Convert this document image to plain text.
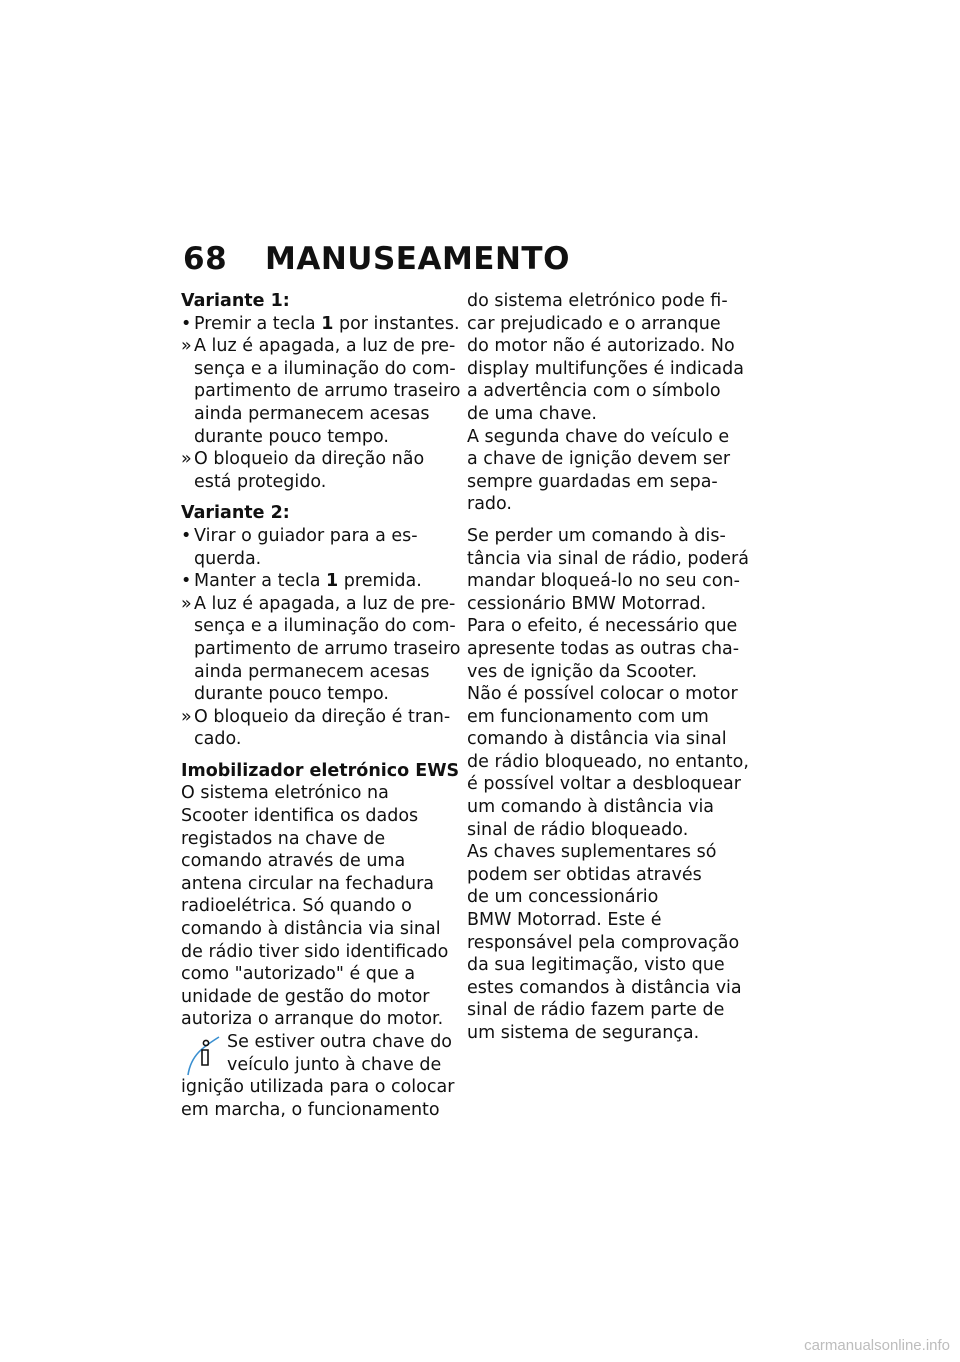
68 MANUSEAMENTO
Variante 1:
• Premir a tecla 1 por instantes.
» A luz é apagada, a luz de pre-
sença e a iluminação do com-
partimento de arrumo traseiro
ainda permanecem acesas
durante pouco tempo.
» O bloqueio da direção não
está protegido.
Variante 2:
• Virar o guiador para a es-
querda.
• Manter a tecla 1 premida.
» A luz é apagada, a luz de pre-
sença e a iluminação do com-
partimento de arrumo traseiro
ainda permanecem acesas
durante pouco tempo.
» O bloqueio da direção é tran-
cado.
Imobilizador eletrónico EWS
O sistema eletrónico na
Scooter identifica os dados
registados na chave de
comando através de uma
antena circular na fechadura
radioelétrica. Só quando o
comando à distância via sinal
de rádio tiver sido identificado
como "autorizado" é que a
unidade de gestão do motor
autoriza o arranque do motor.
Se estiver outra chave do
veículo junto à chave de
ignição utilizada para o colocar
em marcha, o funcionamento
do sistema eletrónico pode fi-
car prejudicado e o arranque
do motor não é autorizado. No
display multifunções é indicada
a advertência com o símbolo
de uma chave.
A segunda chave do veículo e
a chave de ignição devem ser
sempre guardadas em sepa-
rado.
Se perder um comando à dis-
tância via sinal de rádio, poderá
mandar bloqueá-lo no seu con-
cessionário BMW Motorrad.
Para o efeito, é necessário que
apresente todas as outras cha-
ves de ignição da Scooter.
Não é possível colocar o motor
em funcionamento com um
comando à distância via sinal
de rádio bloqueado, no entanto,
é possível voltar a desbloquear
um comando à distância via
sinal de rádio bloqueado.
As chaves suplementares só
podem ser obtidas através
de um concessionário
BMW Motorrad. Este é
responsável pela comprovação
da sua legitimação, visto que
estes comandos à distância via
sinal de rádio fazem parte de
um sistema de segurança.
carmanualsonline.info
